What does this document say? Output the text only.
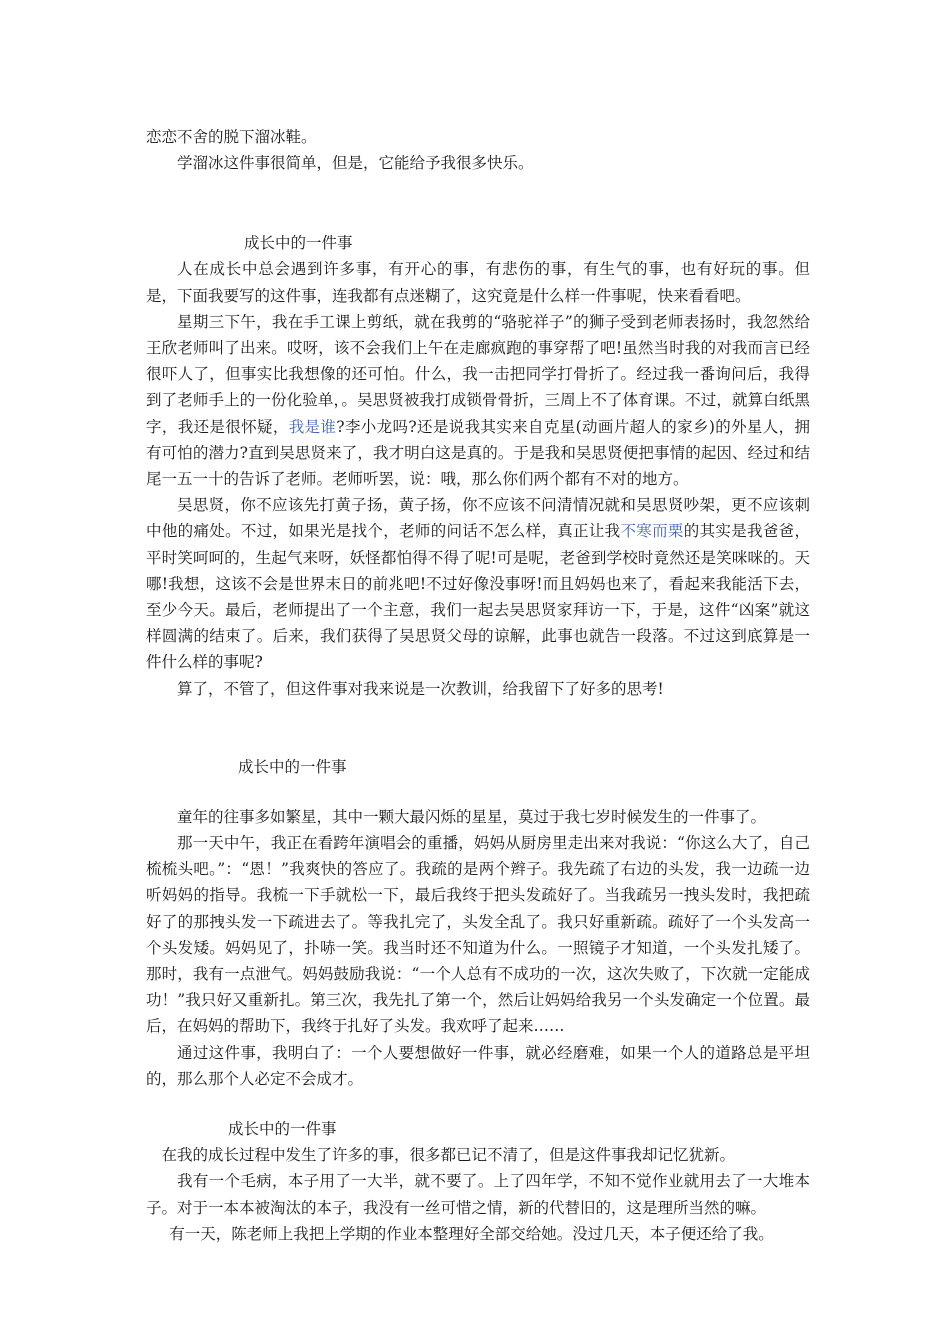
恋恋不舍的脱下溜冰鞋。

学溜冰这件事很简单，但是，它能给予我很多快乐。

成长中的一件事

人在成长中总会遇到许多事，有开心的事，有悲伤的事，有生气的事，也有好玩的事。但是，下面我要写的这件事，连我都有点迷糊了，这究竟是什么样一件事呢，快来看看吧。

星期三下午，我在手工课上剪纸，就在我剪的“骆驼祥子”的狮子受到老师表扬时，我忽然给王欣老师叫了出来。哎呀，该不会我们上午在走廊疯跑的事穿帮了吧!虽然当时我的对我而言已经很吓人了，但事实比我想像的还可怕。什么，我一击把同学打骨折了。经过我一番询问后，我得到了老师手上的一份化验单，。吴思贤被我打成锁骨骨折，三周上不了体育课。不过，就算白纸黑字，我还是很怀疑，我是谁?李小龙吗?还是说我其实来自克星(动画片超人的家乡)的外星人，拥有可怕的潜力?直到吴思贤来了，我才明白这是真的。于是我和吴思贤便把事情的起因、经过和结尾一五一十的告诉了老师。老师听罢，说：哦，那么你们两个都有不对的地方。

吴思贤，你不应该先打黄子扬，黄子扬，你不应该不问清情况就和吴思贤吵架，更不应该刺中他的痛处。不过，如果光是找个，老师的问话不怎么样，真正让我不寒而栗的其实是我爸爸，平时笑呵呵的，生起气来呀，妖怪都怕得不得了呢!可是呢，老爸到学校时竟然还是笑咪咪的。天哪!我想，这该不会是世界末日的前兆吧!不过好像没事呀!而且妈妈也来了，看起来我能活下去，至少今天。最后，老师提出了一个主意，我们一起去吴思贤家拜访一下，于是，这件“凶案”就这样圆满的结束了。后来，我们获得了吴思贤父母的谅解，此事也就告一段落。不过这到底算是一件什么样的事呢?

算了，不管了，但这件事对我来说是一次教训，给我留下了好多的思考!

成长中的一件事

童年的往事多如繁星，其中一颗大最闪烁的星星，莫过于我七岁时候发生的一件事了。

那一天中午，我正在看跨年演唱会的重播，妈妈从厨房里走出来对我说：“你这么大了，自己梳梳头吧。”：“恩！”我爽快的答应了。我疏的是两个辫子。我先疏了右边的头发，我一边疏一边听妈妈的指导。我梳一下手就松一下，最后我终于把头发疏好了。当我疏另一拽头发时，我把疏好了的那拽头发一下疏进去了。等我扎完了，头发全乱了。我只好重新疏。疏好了一个头发高一个头发矮。妈妈见了，扑哧一笑。我当时还不知道为什么。一照镜子才知道，一个头发扎矮了。那时，我有一点泄气。妈妈鼓励我说：“一个人总有不成功的一次，这次失败了，下次就一定能成功！”我只好又重新扎。第三次，我先扎了第一个，然后让妈妈给我另一个头发确定一个位置。最后，在妈妈的帮助下，我终于扎好了头发。我欢呼了起来……

通过这件事，我明白了：一个人要想做好一件事，就必经磨难，如果一个人的道路总是平坦的，那么那个人必定不会成才。

成长中的一件事

在我的成长过程中发生了许多的事，很多都已记不清了，但是这件事我却记忆犹新。

我有一个毛病，本子用了一大半，就不要了。上了四年学，不知不觉作业就用去了一大堆本子。对于一本本被淘汰的本子，我没有一丝可惜之情，新的代替旧的，这是理所当然的嘛。

有一天，陈老师上我把上学期的作业本整理好全部交给她。没过几天，本子便还给了我。
